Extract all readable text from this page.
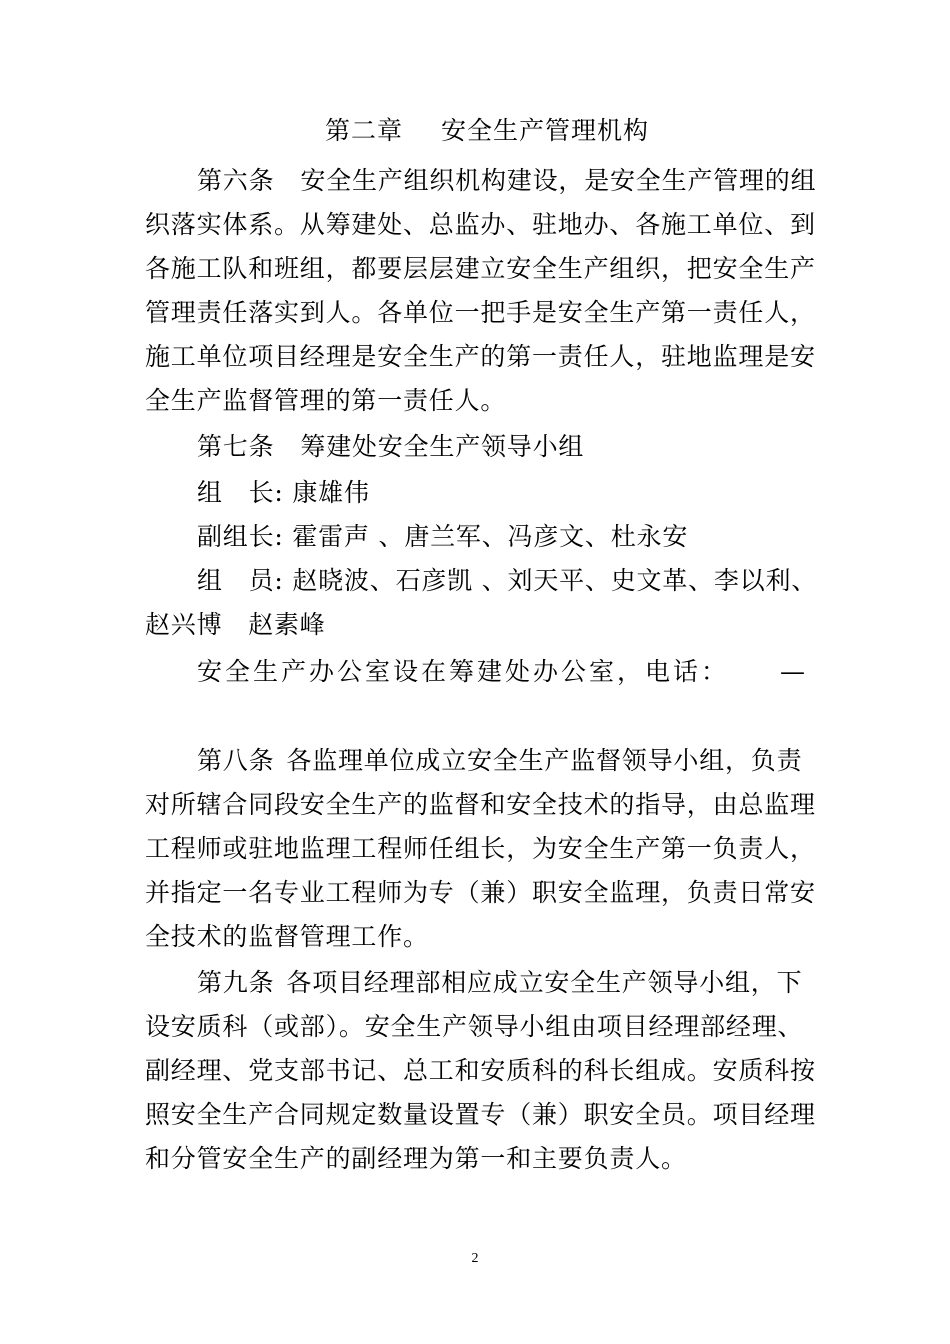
第二章 安全生产管理机构
第六条 安全生产组织机构建设，是安全生产管理的组
织落实体系。从筹建处、总监办、驻地办、各施工单位、到
各施工队和班组，都要层层建立安全生产组织，把安全生产
管理责任落实到人。各单位一把手是安全生产第一责任人，
施工单位项目经理是安全生产的第一责任人，驻地监理是安
全生产监督管理的第一责任人。
第七条 筹建处安全生产领导小组
组　长: 康雄伟
副组长: 霍雷声 、唐兰军、冯彦文、杜永安
组　员: 赵晓波、石彦凯 、刘天平、史文革、李以利、
赵兴博　赵素峰
安全生产办公室设在筹建处办公室，电话： —
第八条 各监理单位成立安全生产监督领导小组，负责
对所辖合同段安全生产的监督和安全技术的指导，由总监理
工程师或驻地监理工程师任组长，为安全生产第一负责人，
并指定一名专业工程师为专（兼）职安全监理，负责日常安
全技术的监督管理工作。
第九条 各项目经理部相应成立安全生产领导小组，下
设安质科（或部）。安全生产领导小组由项目经理部经理、
副经理、党支部书记、总工和安质科的科长组成。安质科按
照安全生产合同规定数量设置专（兼）职安全员。项目经理
和分管安全生产的副经理为第一和主要负责人。
2
